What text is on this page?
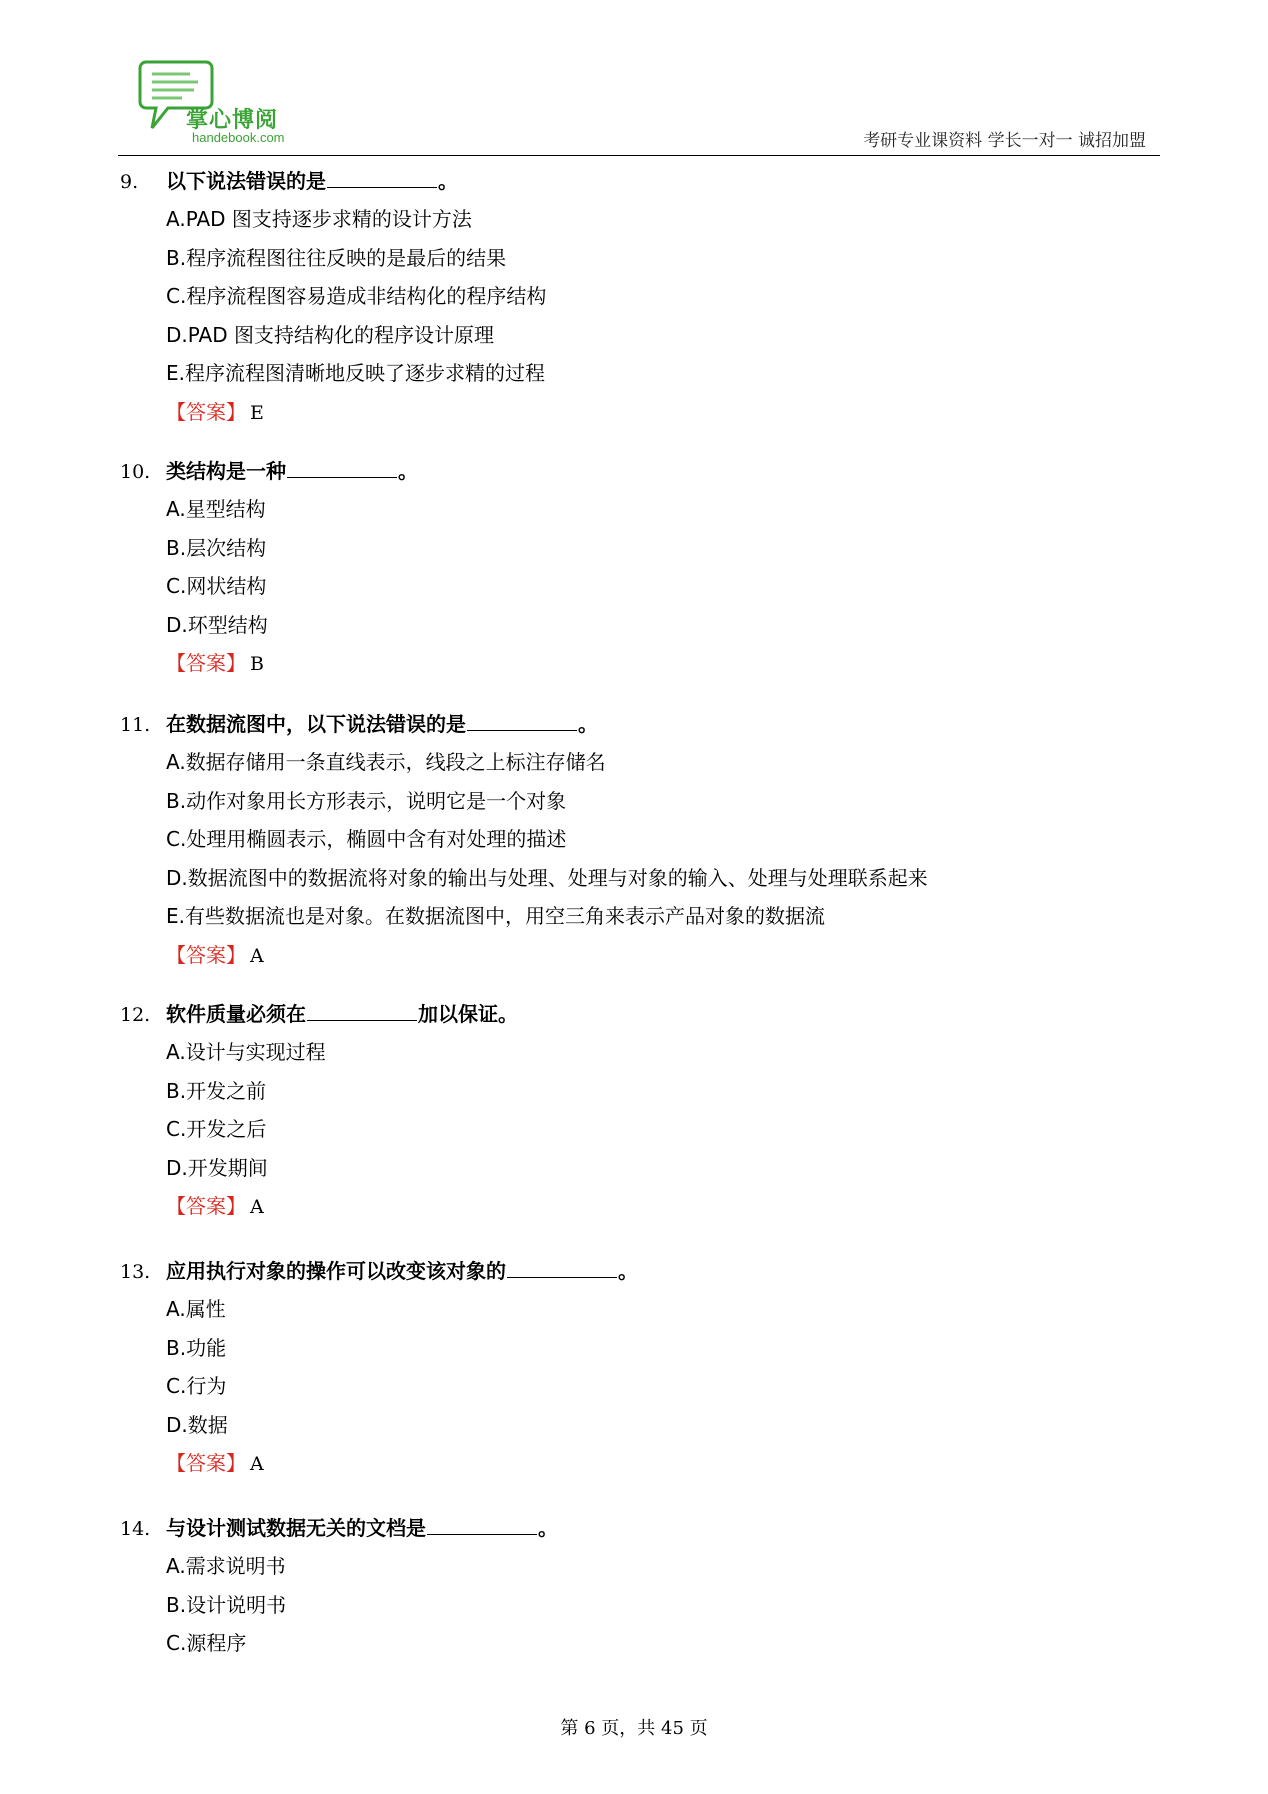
掌心博阅
handebook.com	考研专业课资料 学长一对一 诚招加盟
9. 以下说法错误的是	。
A.PAD 图支持逐步求精的设计方法
B.程序流程图往往反映的是最后的结果
C.程序流程图容易造成非结构化的程序结构
D.PAD 图支持结构化的程序设计原理
E.程序流程图清晰地反映了逐步求精的过程
【答案】 E
10. 类结构是一种	。
A.星型结构
B.层次结构
C.网状结构
D.环型结构
【答案】 B
11. 在数据流图中，以下说法错误的是	。
A.数据存储用一条直线表示，线段之上标注存储名
B.动作对象用长方形表示，说明它是一个对象
C.处理用椭圆表示，椭圆中含有对处理的描述
D.数据流图中的数据流将对象的输出与处理、处理与对象的输入、处理与处理联系起来
E.有些数据流也是对象。在数据流图中，用空三角来表示产品对象的数据流
【答案】 A
12. 软件质量必须在	加以保证。
A.设计与实现过程
B.开发之前
C.开发之后
D.开发期间
【答案】 A
13. 应用执行对象的操作可以改变该对象的	。
A.属性
B.功能
C.行为
D.数据
【答案】 A
14. 与设计测试数据无关的文档是	。
A.需求说明书
B.设计说明书
C.源程序
第 6 页，共 45 页
